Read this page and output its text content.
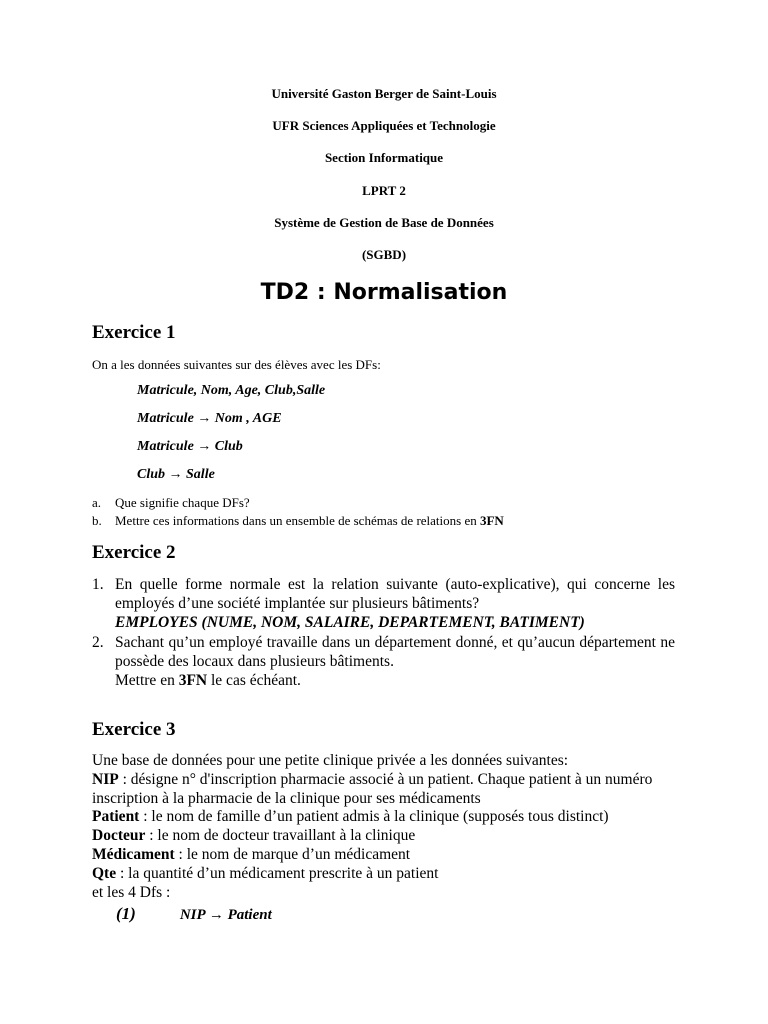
Université Gaston Berger de Saint-Louis
UFR Sciences Appliquées et Technologie
Section Informatique
LPRT 2
Système de Gestion de Base de Données
(SGBD)
TD2 : Normalisation
Exercice 1
On a les données suivantes sur des élèves avec les DFs:
Matricule, Nom, Age, Club,Salle
Matricule → Nom , AGE
Matricule → Club
Club → Salle
a. Que signifie chaque DFs?
b. Mettre ces informations dans un ensemble de schémas de relations en 3FN
Exercice 2
1. En quelle forme normale est la relation suivante (auto-explicative), qui concerne les employés d’une société implantée sur plusieurs bâtiments?
EMPLOYES (NUME, NOM, SALAIRE, DEPARTEMENT, BATIMENT)
2. Sachant qu’un employé travaille dans un département donné, et qu’aucun département ne possède des locaux dans plusieurs bâtiments.
Mettre en 3FN le cas échéant.
Exercice 3
Une base de données pour une petite clinique privée a les données suivantes:
NIP : désigne n° d'inscription pharmacie associé à un patient. Chaque patient à un numéro inscription à la pharmacie de la clinique pour ses médicaments
Patient : le nom de famille d’un patient admis à la clinique (supposés tous distinct)
Docteur : le nom de docteur travaillant à la clinique
Médicament : le nom de marque d’un médicament
Qte : la quantité d’un médicament prescrite à un patient
et les 4 Dfs :
(1)	NIP → Patient
